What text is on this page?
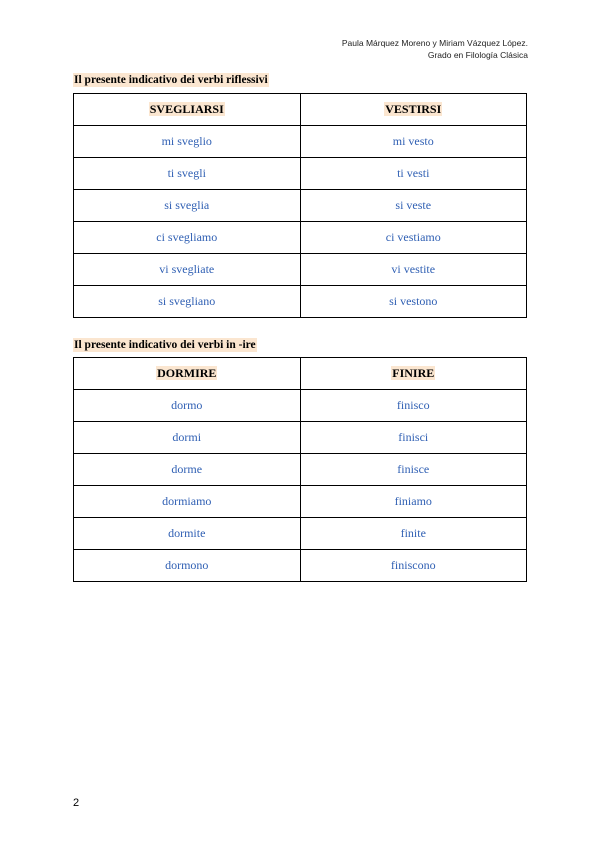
Paula Márquez Moreno y Miriam Vázquez López.
Grado en Filología Clásica
Il presente indicativo dei verbi riflessivi
SVEGLIARSI	VESTIRSI
mi sveglio	mi vesto
ti svegli	ti vesti
si sveglia	si veste
ci svegliamo	ci vestiamo
vi svegliate	vi vestite
si svegliano	si vestono
Il presente indicativo dei verbi in -ire
DORMIRE	FINIRE
dormo	finisco
dormi	finisci
dorme	finisce
dormiamo	finiamo
dormite	finite
dormono	finiscono
2
